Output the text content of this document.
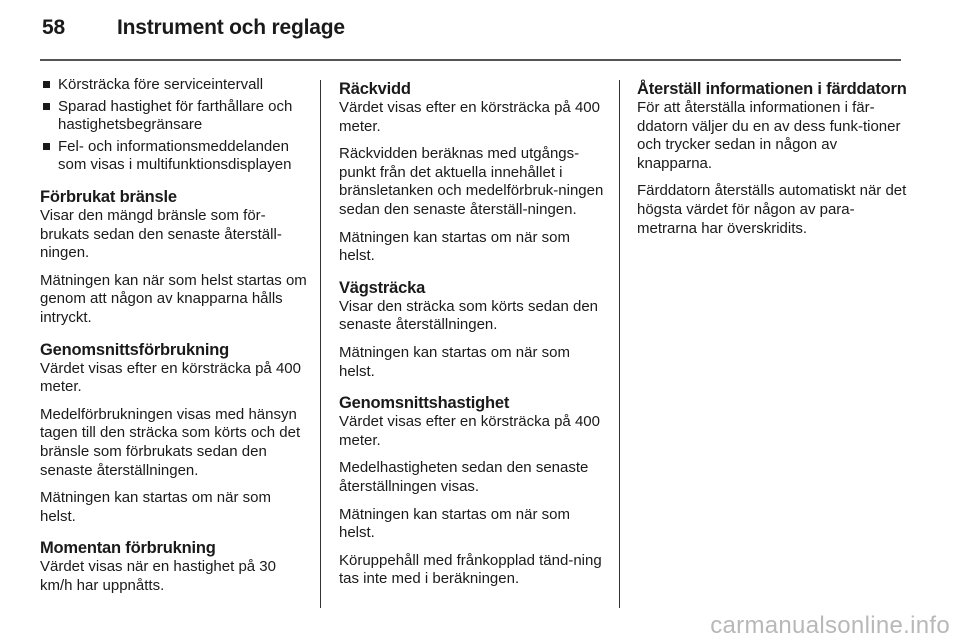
58 Instrument och reglage
Körsträcka före serviceintervall
Sparad hastighet för farthållare och hastighetsbegränsare
Fel- och informationsmeddelanden som visas i multifunktionsdisplayen
Förbrukat bränsle

Visar den mängd bränsle som för-brukats sedan den senaste återställ-ningen.

Mätningen kan när som helst startas om genom att någon av knapparna hålls intryckt.

Genomsnittsförbrukning

Värdet visas efter en körsträcka på 400 meter.

Medelförbrukningen visas med hänsyn tagen till den sträcka som körts och det bränsle som förbrukats sedan den senaste återställningen.

Mätningen kan startas om när som helst.

Momentan förbrukning

Värdet visas när en hastighet på 30 km/h har uppnåtts.

Räckvidd

Värdet visas efter en körsträcka på 400 meter.

Räckvidden beräknas med utgångs-punkt från det aktuella innehållet i bränsletanken och medelförbruk-ningen sedan den senaste återställ-ningen.

Mätningen kan startas om när som helst.

Vägsträcka

Visar den sträcka som körts sedan den senaste återställningen.

Mätningen kan startas om när som helst.

Genomsnittshastighet

Värdet visas efter en körsträcka på 400 meter.

Medelhastigheten sedan den senaste återställningen visas.

Mätningen kan startas om när som helst.

Köruppehåll med frånkopplad tänd-ning tas inte med i beräkningen.

Återställ informationen i färddatorn

För att återställa informationen i fär-ddatorn väljer du en av dess funk-tioner och trycker sedan in någon av knapparna.

Färddatorn återställs automatiskt när det högsta värdet för någon av para-metrarna har överskridits.

carmanualsonline.info
